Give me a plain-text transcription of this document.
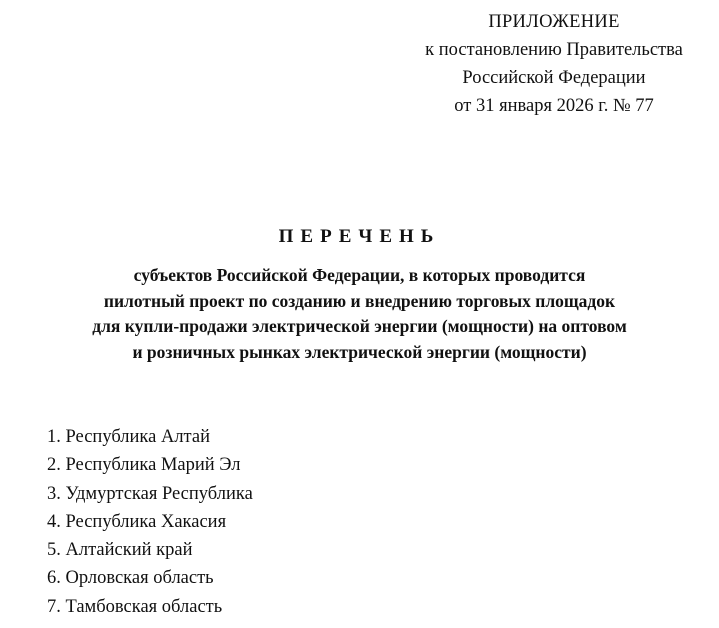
ПРИЛОЖЕНИЕ
к постановлению Правительства
Российской Федерации
от 31 января 2026 г. № 77
ПЕРЕЧЕНЬ
субъектов Российской Федерации, в которых проводится
пилотный проект по созданию и внедрению торговых площадок
для купли-продажи электрической энергии (мощности) на оптовом
и розничных рынках электрической энергии (мощности)
1. Республика Алтай
2. Республика Марий Эл
3. Удмуртская Республика
4. Республика Хакасия
5. Алтайский край
6. Орловская область
7. Тамбовская область
